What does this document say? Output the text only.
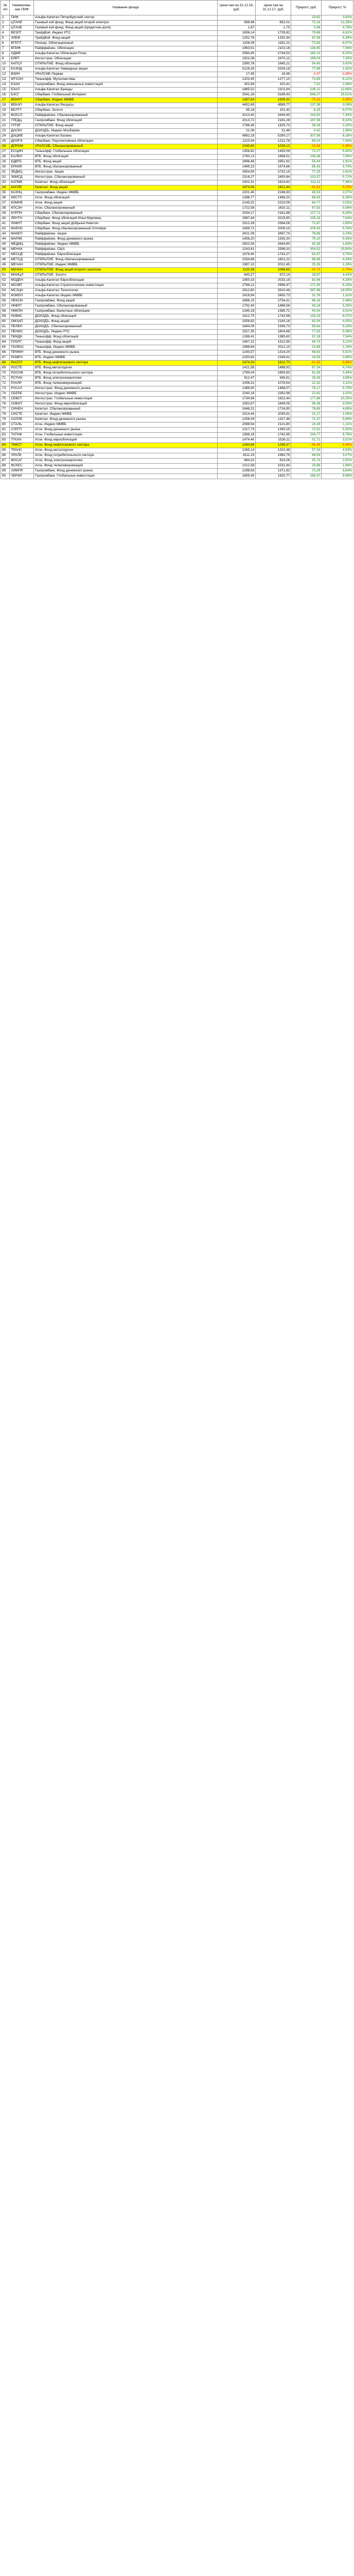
№ п/п	Наименова-ние ПИФ	Название фонда	Цена пая на 31.12.16, руб.	Цена пая на 31.12.17, руб.	Прирост, руб.	Прирост, %
1	ПИФ	Альфа-Капитал Петербургский сектор			15,62	3,83%
2	ЦТАНЕ	Газовый кой фонд. Фонд акций второй электрог	588,48	652,01	72,18	12,26%
3	ЦТАНЕ	Газовый кой фонд. Фонд акций (кредитная доля)	1,67	1,75	0,08	4,79%
4	ВЕЗЛТ	ТрейдВэй. Индекс РТС	1656,14	1735,82	79,68	4,81%
5	ЭЛЕФ	ТрейдВэй. Фонд акций	1252,78	1320,34	67,56	5,39%
6	ВГЕПТ	Пионер. Облигационный	1108,39	1181,22	72,83	6,57%
7	ВПИФ	Райффайзен. Облигации	1963,51	2102,16	138,65	7,06%
8	ОДМЕ	Альфа-Капитал Облигации Плюс	2584,40	2744,53	160,13	6,20%
9	ЕЯРТ	Ингосстрах. Облигации	2301,08	2470,12	169,04	7,35%
10	КАПСЛ	ОТКРЫТИЕ. Фонд облигаций	1590,76	1645,21	54,45	3,42%
11	БАЗНД	Альфа-Капитал Ликвидные акции	5126,30	5204,18	77,88	1,52%
12	ВЗИН	УРАЛСИБ Первая	17,45	16,98	-0,47	-2,69%
13	МТСОН	Тинькофф. Мультиактивы	1203,45	1277,10	73,65	6,12%
14	БЗАЙ	Газпромбанк. Фонд смешанных инвестиций	302,89	310,41	7,52	2,48%
15	БЗАЛ	Альфа-Капитал Бренды	1865,52	2101,64	236,12	12,66%
16	БЗСГ	Сбербанк. Глобальный Интернет	2541,16	3189,43	648,27	25,51%
17	ВЕИНТ	Сбербанк. Индекс ММВБ	1987,64	1908,32	-79,32	-3,99%
18	ВЕКАП	Альфа-Капитал Ресурсы	4452,69	4589,77	137,08	3,08%
19	ВЕЛТТ	Сбербанк. Золото	95,18	101,43	6,25	6,57%
20	ВСЕСЛ	Райффайзен. Сбалансированный	3210,40	3444,90	234,50	7,30%
21	ГЛЕДЦ	Газпромбанк. Фонд облигаций	2013,72	2181,28	167,56	8,32%
22	ГЛТИГ	ОТКРЫТИЕ. Фонд акций	1786,45	1825,73	39,28	2,20%
23	ДАСКН	ДОХОДЪ. Индекс МосБиржи	21,06	21,48	0,42	1,99%
24	ДАЦМЕ	Альфа-Капитал Баланс	4982,18	5290,17	307,99	6,18%
25	ДИЗРЭ	Сбербанк. Перспективные облигации	1123,54	1212,78	89,24	7,94%
26	ДПРОМ	УРАЛСИБ. Сбалансированный	1045,60	1026,12	-19,48	-1,86%
27	ЕСЦИН	Тинькофф. Глобальные облигации	1356,82	1430,09	73,27	5,40%
28	ЕАЛБН	ВТБ. Фонд облигаций	1760,13	1898,51	138,38	7,86%
29	ЕДВТБ	ВТБ. Фонд акций	2896,48	2951,92	55,44	1,91%
30	ЕРИИК	ВТБ. Фонд сбалансированный	1489,23	1574,66	85,43	5,74%
31	ЗЕДИЦ	Ингосстрах. Акции	2654,90	2732,15	77,25	2,91%
32	ЗИИСД	Ингосстрах. Сбалансированный	2318,27	2450,84	132,57	5,72%
33	КАПМЕ	Капитал. Фонд облигаций	1502,31	1614,42	112,11	7,46%
34	КАПЛЕ	Капитал. Фонд акций	1874,06	1812,44	-61,62	-3,29%
35	КАЗНЦ	Газпромбанк. Индекс ММВБ	2201,40	2246,93	45,53	2,07%
36	КИСТЛ	Атон. Фонд облигаций	1398,77	1488,20	89,43	6,39%
37	КОМНЕ	Атон. Фонд акций	2145,32	2210,09	64,77	3,02%
38	КПСЗН	Атон. Сбалансированный	1722,58	1810,11	87,53	5,08%
39	КУРПН	Сбербанк. Сбалансированный	2034,17	2161,88	127,71	6,28%
40	ЛЕНТН	Сбербанк. Фонд облигаций Илья Муромец	2987,44	3215,60	228,16	7,64%
41	ЛИФЛТ	Сбербанк. Фонд акций Добрыня Никитич	2512,39	2584,06	71,67	2,85%
42	МАЕНС	Сбербанк. Фонд сбалансированный Оптимум	1899,72	2009,15	109,43	5,76%
43	МАКЕП	Райффайзен. Акции	3421,08	3497,74	76,66	2,24%
44	МАРКЕ	Райффайзен. Фонд денежного рынка	1456,20	1535,30	79,10	5,43%
45	МЕДИЦ	Райффайзен. Индекс ММВБ	2602,55	2644,90	42,35	1,63%
46	МЕНАК	Райффайзен. США	2243,81	2598,33	354,52	15,80%
47	МЕСЦЕ	Райффайзен. Еврооблигации	1678,40	1741,27	62,87	3,75%
48	МЕТСД	ОТКРЫТИЕ. Фонд сбалансированный	1534,66	1601,22	66,56	4,34%
49	МЕЧАН	ОТКРЫТИЕ. Индекс ММВБ	1987,10	2012,45	25,35	1,28%
50	МИАКН	ОТКРЫТИЕ. Фонд акций второго эшелона	1120,38	1089,65	-30,73	-2,74%
51	МНИЦЛ	ОТКРЫТИЕ. Золото	843,27	872,14	28,87	3,42%
52	МОДЕН	Альфа-Капитал Еврооблигации	1950,33	2033,19	82,86	4,25%
53	МОЗВТ	Альфа-Капитал Стратегические инвестиции	2786,12	2958,47	172,35	6,19%
54	МСЗЦН	Альфа-Капитал Технологии	3312,60	3910,48	597,88	18,05%
55	МЭКЕН	Альфа-Капитал Индекс ММВБ	2418,94	2450,73	31,79	1,31%
56	НЕКСМ	Газпромбанк. Фонд акций	2688,15	2754,31	66,16	2,46%
57	НКФЛТ	Газпромбанк. Сбалансированный	1792,40	1886,58	94,18	5,25%
58	НМКЛН	Газпромбанк. Валютные облигации	1345,18	1385,72	40,54	3,01%
59	НОВКС	ДОХОДЪ. Фонд облигаций	1612,75	1742,98	130,23	8,07%
60	ОМЗАП	ДОХОДЪ. Фонд акций	2056,82	2140,16	83,34	4,05%
61	ПЕЛЕН	ДОХОДЪ. Сбалансированный	1844,09	1939,73	95,64	5,19%
62	ПЕНИС	ДОХОДЪ. Индекс РТС	1527,35	1604,88	77,53	5,08%
63	ПИКДН	Тинькофф. Фонд облигаций	1288,41	1385,60	97,19	7,54%
64	ПЛЗЛТ	Тинькофф. Фонд акций	1467,22	1512,95	45,73	3,12%
65	ПОЛЮС	Тинькофф. Индекс ММВБ	1988,64	2012,10	23,46	1,18%
66	ПРИМН	ВТБ. Фонд денежного рынка	1245,57	1314,20	68,63	5,51%
67	РАМЕН	ВТБ. Индекс ММВБ	2150,82	2169,41	18,59	0,86%
68	РАСПЛ	ВТБ. Фонд нефтегазового сектора	1674,33	1612,70	-61,63	-3,68%
69	РОСТЕ	ВТБ. Фонд металлургии	1421,58	1488,92	67,34	4,74%
70	РОСНФ	ВТБ. Фонд потребительского сектора	1789,04	1850,63	61,59	3,44%
71	РСТИН	ВТБ. Фонд электроэнергетики	912,47	945,81	33,34	3,65%
72	РУАЛР	ВТБ. Фонд телекоммуникаций	1056,22	1078,54	22,32	2,11%
73	РУСАЛ	Ингосстрах. Фонд денежного рынка	1388,90	1468,07	79,17	5,70%
74	СБЕРБ	Ингосстрах. Индекс ММВБ	2240,16	2262,98	22,82	1,02%
75	СЕВСТ	Ингосстрах. Глобальные инвестиции	1734,58	1912,44	177,86	10,25%
76	СИБНТ	Ингосстрах. Фонд еврооблигаций	1592,67	1649,05	56,38	3,54%
77	СИНЕН	Капитал. Сбалансированный	1648,21	1724,90	76,69	4,65%
78	СИСТЕ	Капитал. Индекс ММВБ	2014,44	2035,61	21,17	1,05%
79	СОЛЛЕ	Капитал. Фонд денежного рынка	1256,09	1327,46	71,37	5,68%
80	СТАЛЬ	Атон. Индекс ММВБ	2098,54	2121,80	23,26	1,11%
81	СУРГП	Атон. Фонд денежного рынка	1317,73	1390,25	72,52	5,50%
82	ТАТНФ	Атон. Глобальные инвестиции	1588,18	1742,95	154,77	9,75%
83	ТГКАН	Атон. Фонд еврооблигаций	1474,40	1526,11	51,71	3,51%
84	ТМКСТ	Атон. Фонд нефтегазового сектора	1344,86	1298,37	-46,49	-3,46%
85	ТРАНС	Атон. Фонд металлургии	1265,14	1322,48	57,34	4,53%
86	УРАЛК	Атон. Фонд потребительского сектора	1611,25	1660,79	49,54	3,07%
87	ФОСАГ	Атон. Фонд электроэнергетики	884,32	910,06	25,74	2,91%
88	ФСКЕС	Атон. Фонд телекоммуникаций	1012,58	1031,44	18,86	1,86%
89	ХИМПР	Газпромбанк. Фонд денежного рынка	1298,63	1371,92	73,29	5,64%
90	ЧЕРКИ	Газпромбанк. Глобальные инвестиции	1655,40	1820,77	165,37	9,99%
